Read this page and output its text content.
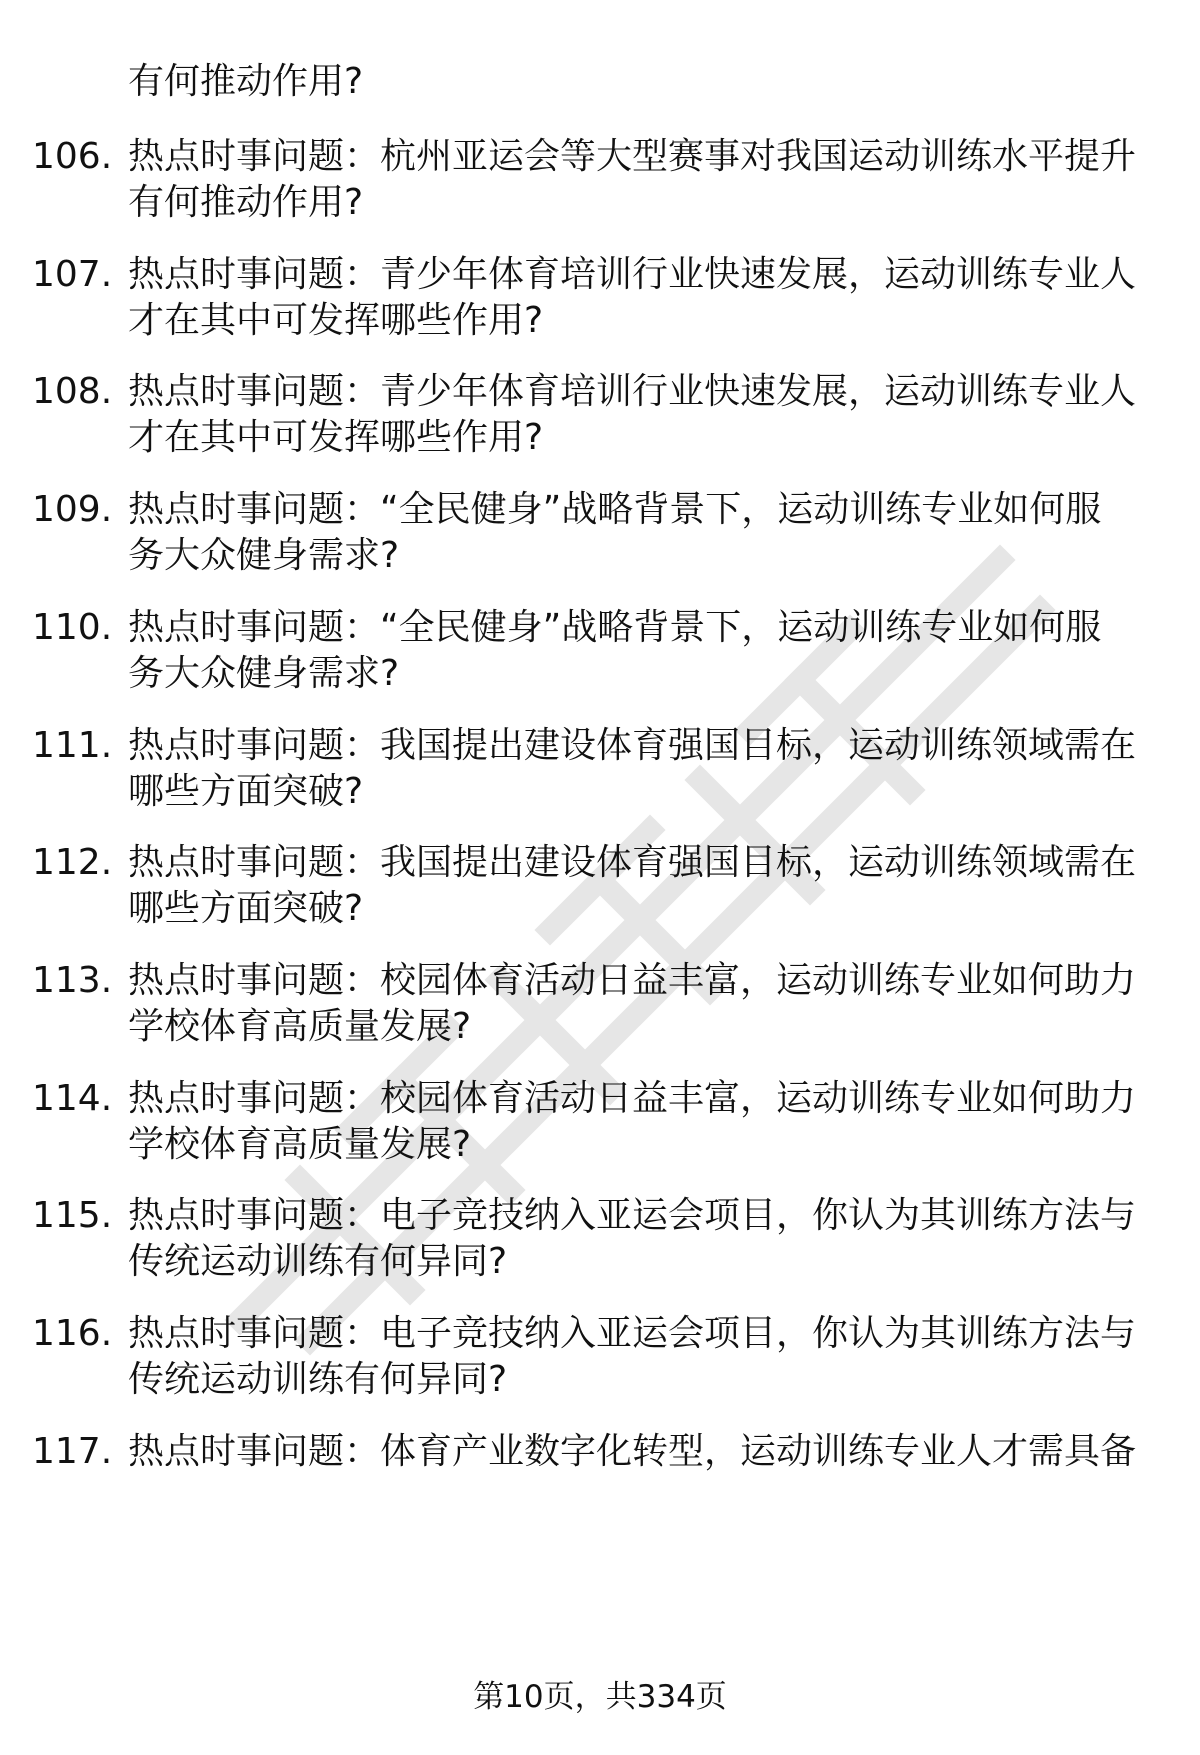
有何推动作用?
106. 热点时事问题：杭州亚运会等大型赛事对我国运动训练水平提升
有何推动作用?
107. 热点时事问题：青少年体育培训行业快速发展，运动训练专业人
才在其中可发挥哪些作用?
108. 热点时事问题：青少年体育培训行业快速发展，运动训练专业人
才在其中可发挥哪些作用?
109. 热点时事问题：“全民健身”战略背景下，运动训练专业如何服
务大众健身需求?
110. 热点时事问题：“全民健身”战略背景下，运动训练专业如何服
务大众健身需求?
111. 热点时事问题：我国提出建设体育强国目标，运动训练领域需在
哪些方面突破?
112. 热点时事问题：我国提出建设体育强国目标，运动训练领域需在
哪些方面突破?
113. 热点时事问题：校园体育活动日益丰富，运动训练专业如何助力
学校体育高质量发展?
114. 热点时事问题：校园体育活动日益丰富，运动训练专业如何助力
学校体育高质量发展?
115. 热点时事问题：电子竞技纳入亚运会项目，你认为其训练方法与
传统运动训练有何异同?
116. 热点时事问题：电子竞技纳入亚运会项目，你认为其训练方法与
传统运动训练有何异同?
117. 热点时事问题：体育产业数字化转型，运动训练专业人才需具备
第10页，共334页
